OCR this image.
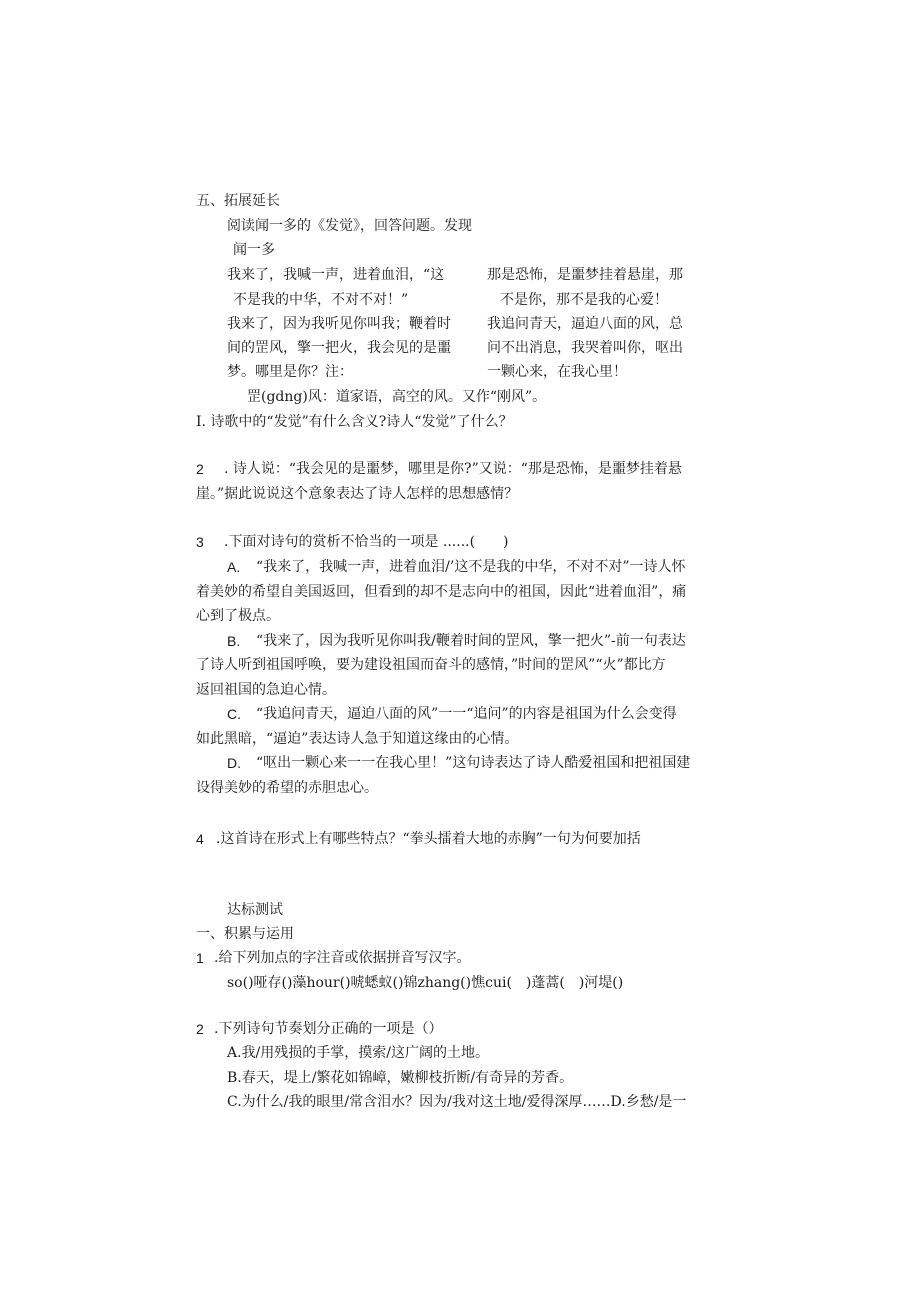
五、拓展延长
阅读闻一多的《发觉》，回答问题。发现
闻一多
我来了，我喊一声，进着血泪，“这
不是我的中华，不对不对！”
我来了，因为我听见你叫我；鞭着时
间的罡风，擎一把火，我会见的是噩
梦。哪里是你？注：
那是恐怖，是噩梦挂着悬崖，那
不是你，那不是我的心爱！
我追问青天，逼迫八面的风，总
问不出消息，我哭着叫你，呕出
一颗心来，在我心里！
罡(gdng)风：道家语，高空的风。又作“刚风”。
I. 诗歌中的“发觉”有什么含义?诗人“发觉”了什么？
2 . 诗人说：“我会见的是噩梦，哪里是你?”又说：“那是恐怖，是噩梦挂着悬
崖。”据此说说这个意象表达了诗人怎样的思想感情？
3 .下面对诗句的赏析不恰当的一项是 ......(　　)
A. “我来了，我喊一声，进着血泪/’这不是我的中华，不对不对”一诗人怀
着美妙的希望自美国返回，但看到的却不是志向中的祖国，因此“进着血泪”，痛
心到了极点。
B. “我来了，因为我听见你叫我/鞭着时间的罡风，擎一把火”-前一句表达
了诗人听到祖国呼唤，要为建设祖国而奋斗的感情，”时间的罡风”“火”都比方
返回祖国的急迫心情。
C. “我追问青天，逼迫八面的风”一一“追问”的内容是祖国为什么会变得
如此黑暗，“逼迫”表达诗人急于知道这缘由的心情。
D. “呕出一颗心来一一在我心里！”这句诗表达了诗人酷爱祖国和把祖国建
设得美妙的希望的赤胆忠心。
4 .这首诗在形式上有哪些特点？“拳头擂着大地的赤胸”一句为何要加括
达标测试
一、积累与运用
1 .给下列加点的字注音或依据拼音写汉字。
so()哑存()藻hour()唬蟋蚁()锦zhang()憔cui(　)蓬蒿(　)河堤()
2 .下列诗句节奏划分正确的一项是（）
A.我/用残损的手掌，摸索/这广阔的土地。
B.春天，堤上/繁花如锦嶂，嫩柳枝折断/有奇异的芳香。
C.为什么/我的眼里/常含泪水？因为/我对这土地/爱得深厚……D.乡愁/是一
